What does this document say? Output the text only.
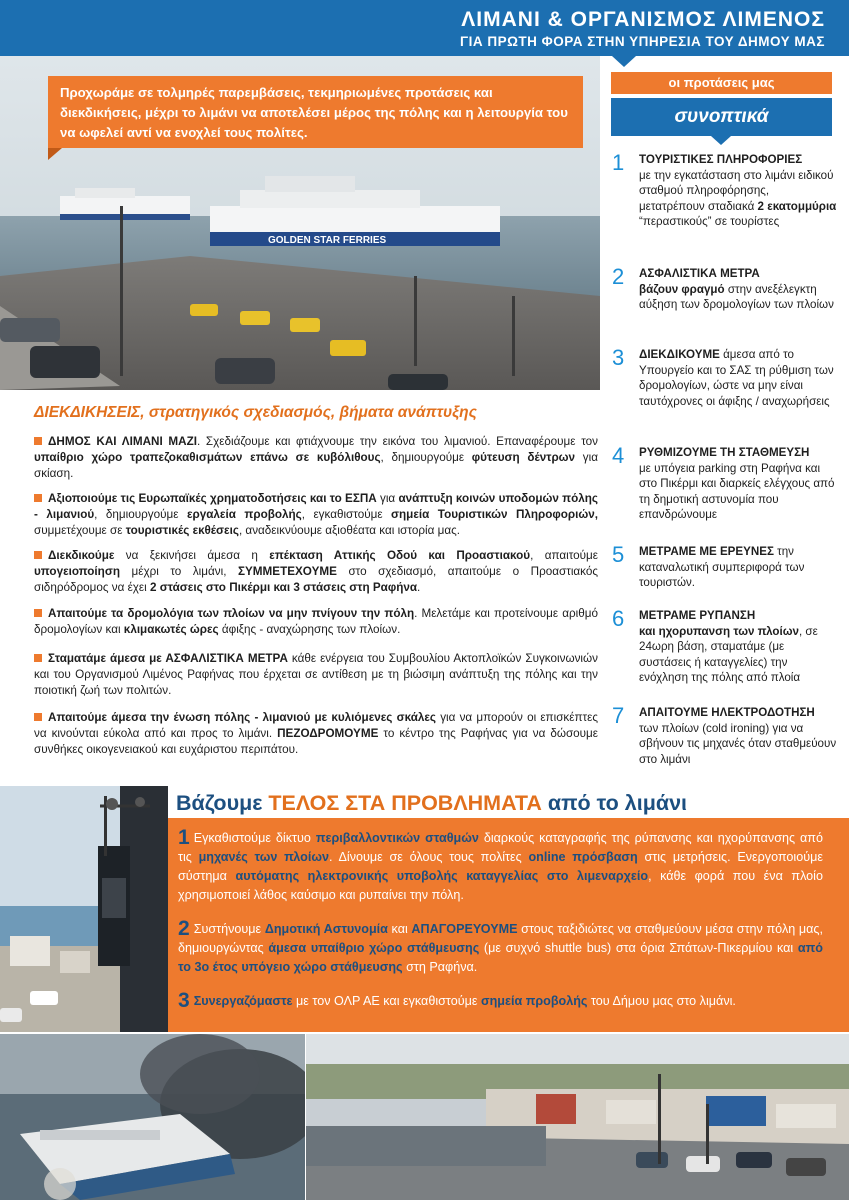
ΛΙΜΑΝΙ & ΟΡΓΑΝΙΣΜΟΣ ΛΙΜΕΝΟΣ
ΓΙΑ ΠΡΩΤΗ ΦΟΡΑ ΣΤΗΝ ΥΠΗΡΕΣΙΑ ΤΟΥ ΔΗΜΟΥ ΜΑΣ
GOLDEN STAR FERRIES

Προχωράμε σε τολμηρές παρεμβάσεις, τεκμηριωμένες προτάσεις και διεκδικήσεις, μέχρι το λιμάνι να αποτελέσει μέρος της πόλης και η λειτουργία του να ωφελεί αντί να ενοχλεί τους πολίτες.

οι προτάσεις μας
συνοπτικά
1 ΤΟΥΡΙΣΤΙΚΕΣ ΠΛΗΡΟΦΟΡΙΕΣ
με την εγκατάσταση στο λιμάνι ειδικού σταθμού πληροφόρησης, μετατρέπουν σταδιακά 2 εκατομμύρια “περαστικούς” σε τουρίστες
2 ΑΣΦΑΛΙΣΤΙΚΑ ΜΕΤΡΑ
βάζουν φραγμό στην ανεξέλεγκτη αύξηση των δρομολογίων των πλοίων
3 ΔΙΕΚΔΙΚΟΥΜΕ άμεσα από το Υπουργείο και το ΣΑΣ τη ρύθμιση των δρομολογίων, ώστε να μην είναι ταυτόχρονες οι άφιξης / αναχωρήσεις
4 ΡΥΘΜΙΖΟΥΜΕ ΤΗ ΣΤΑΘΜΕΥΣΗ
με υπόγεια parking στη Ραφήνα και στο Πικέρμι και διαρκείς ελέγχους από τη δημοτική αστυνομία που επανδρώνουμε
5 ΜΕΤΡΑΜΕ ΜΕ ΕΡΕΥΝΕΣ την καταναλωτική συμπεριφορά των τουριστών.
6 ΜΕΤΡΑΜΕ ΡΥΠΑΝΣΗ
και ηχορυπανση των πλοίων, σε 24ωρη βάση, σταματάμε (με συστάσεις ή καταγγελίες) την ενόχληση της πόλης από πλοία
7 ΑΠΑΙΤΟΥΜΕ ΗΛΕΚΤΡΟΔΟΤΗΣΗ
των πλοίων (cold ironing) για να σβήνουν τις μηχανές όταν σταθμεύουν στο λιμάνι
ΔΙΕΚΔΙΚΗΣΕΙΣ, στρατηγικός σχεδιασμός, βήματα ανάπτυξης
ΔΗΜΟΣ ΚΑΙ ΛΙΜΑΝΙ ΜΑΖΙ. Σχεδιάζουμε και φτιάχνουμε την εικόνα του λιμανιού. Επαναφέρουμε τον υπαίθριο χώρο τραπεζοκαθισμάτων επάνω σε κυβόλιθους, δημιουργούμε φύτευση δέντρων για σκίαση.
Αξιοποιούμε τις Ευρωπαϊκές χρηματοδοτήσεις και το ΕΣΠΑ για ανάπτυξη κοινών υποδομών πόλης - λιμανιού, δημιουργούμε εργαλεία προβολής, εγκαθιστούμε σημεία Τουριστικών Πληροφοριών, συμμετέχουμε σε τουριστικές εκθέσεις, αναδεικνύουμε αξιοθέατα και ιστορία μας.
Διεκδικούμε να ξεκινήσει άμεσα η επέκταση Αττικής Οδού και Προαστιακού, απαιτούμε υπογειοποίηση μέχρι το λιμάνι, ΣΥΜΜΕΤΕΧΟΥΜΕ στο σχεδιασμό, απαιτούμε ο Προαστιακός σιδηρόδρομος να έχει 2 στάσεις στο Πικέρμι και 3 στάσεις στη Ραφήνα.
Απαιτούμε τα δρομολόγια των πλοίων να μην πνίγουν την πόλη. Μελετάμε και προτείνουμε αριθμό δρομολογίων και κλιμακωτές ώρες άφιξης - αναχώρησης των πλοίων.
Σταματάμε άμεσα με ΑΣΦΑΛΙΣΤΙΚΑ ΜΕΤΡΑ κάθε ενέργεια του Συμβουλίου Ακτοπλοϊκών Συγκοινωνιών και του Οργανισμού Λιμένος Ραφήνας που έρχεται σε αντίθεση με τη βιώσιμη ανάπτυξη της πόλης και την ποιοτική ζωή των πολιτών.
Απαιτούμε άμεσα την ένωση πόλης - λιμανιού με κυλιόμενες σκάλες για να μπορούν οι επισκέπτες να κινούνται εύκολα από και προς το λιμάνι. ΠΕΖΟΔΡΟΜΟΥΜΕ το κέντρο της Ραφήνας για να δώσουμε συνθήκες οικογενειακού και ευχάριστου περιπάτου.
Βάζουμε ΤΕΛΟΣ ΣΤΑ ΠΡΟΒΛΗΜΑΤΑ από το λιμάνι

1 Εγκαθιστούμε δίκτυο περιβαλλοντικών σταθμών διαρκούς καταγραφής της ρύπανσης και ηχορύπανσης από τις μηχανές των πλοίων. Δίνουμε σε όλους τους πολίτες online πρόσβαση στις μετρήσεις. Ενεργοποιούμε σύστημα αυτόματης ηλεκτρονικής υποβολής καταγγελίας στο λιμεναρχείο, κάθε φορά που ένα πλοίο χρησιμοποιεί λάθος καύσιμο και ρυπαίνει την πόλη.

2 Συστήνουμε Δημοτική Αστυνομία και ΑΠΑΓΟΡΕΥΟΥΜΕ στους ταξιδιώτες να σταθμεύουν μέσα στην πόλη μας, δημιουργώντας άμεσα υπαίθριο χώρο στάθμευσης (με συχνό shuttle bus) στα όρια Σπάτων-Πικερμίου και από το 3ο έτος υπόγειο χώρο στάθμευσης στη Ραφήνα.

3 Συνεργαζόμαστε με τον ΟΛΡ ΑΕ και εγκαθιστούμε σημεία προβολής του Δήμου μας στο λιμάνι.
